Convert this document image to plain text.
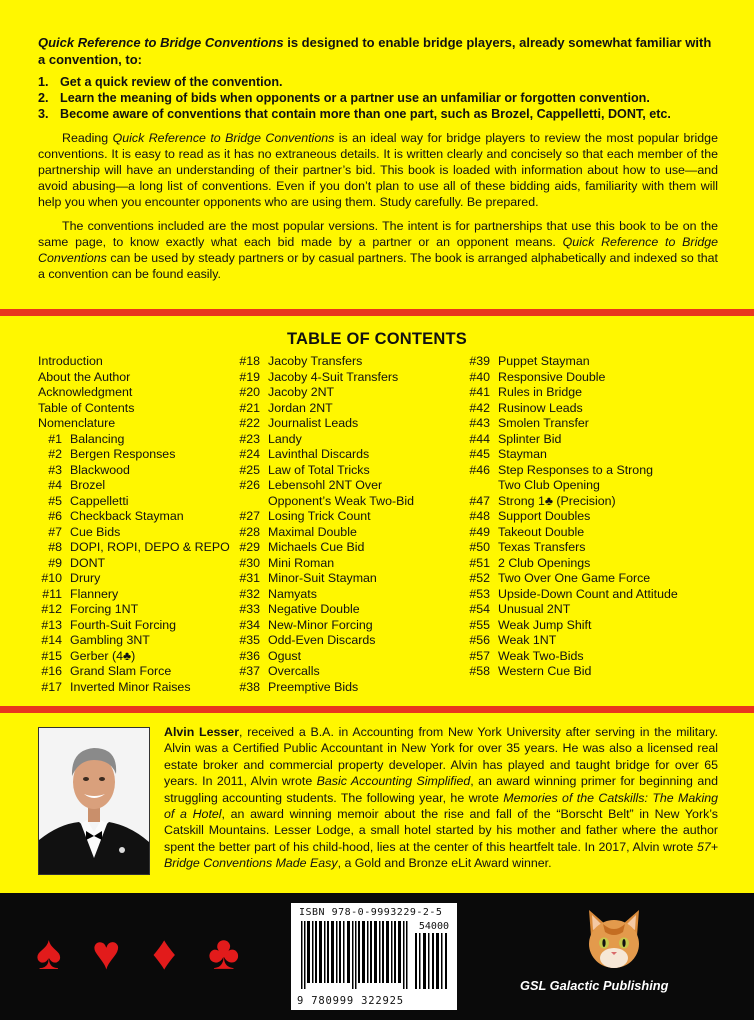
Quick Reference to Bridge Conventions is designed to enable bridge players, already somewhat familiar with a convention, to:

1. Get a quick review of the convention.
2. Learn the meaning of bids when opponents or a partner use an unfamiliar or forgotten convention.
3. Become aware of conventions that contain more than one part, such as Brozel, Cappelletti, DONT, etc.

Reading Quick Reference to Bridge Conventions is an ideal way for bridge players to review the most popular bridge conventions. It is easy to read as it has no extraneous details. It is written clearly and concisely so that each member of the partnership will have an understanding of their partner’s bid. This book is loaded with information about how to use—and avoid abusing—a long list of conventions. Even if you don’t plan to use all of these bidding aids, familiarity with them will help you when you encounter opponents who are using them. Study carefully. Be prepared.

The conventions included are the most popular versions. The intent is for partnerships that use this book to be on the same page, to know exactly what each bid made by a partner or an opponent means. Quick Reference to Bridge Conventions can be used by steady partners or by casual partners. The book is arranged alphabetically and indexed so that a convention can be found easily.

TABLE OF CONTENTS
Introduction
About the Author
Acknowledgment
Table of Contents
Nomenclature
#1 Balancing
#2 Bergen Responses
#3 Blackwood
#4 Brozel
#5 Cappelletti
#6 Checkback Stayman
#7 Cue Bids
#8 DOPI, ROPI, DEPO & REPO
#9 DONT
#10 Drury
#11 Flannery
#12 Forcing 1NT
#13 Fourth-Suit Forcing
#14 Gambling 3NT
#15 Gerber (4♣)
#16 Grand Slam Force
#17 Inverted Minor Raises
#18 Jacoby Transfers
#19 Jacoby 4-Suit Transfers
#20 Jacoby 2NT
#21 Jordan 2NT
#22 Journalist Leads
#23 Landy
#24 Lavinthal Discards
#25 Law of Total Tricks
#26 Lebensohl 2NT Over
Opponent’s Weak Two-Bid
#27 Losing Trick Count
#28 Maximal Double
#29 Michaels Cue Bid
#30 Mini Roman
#31 Minor-Suit Stayman
#32 Namyats
#33 Negative Double
#34 New-Minor Forcing
#35 Odd-Even Discards
#36 Ogust
#37 Overcalls
#38 Preemptive Bids
#39 Puppet Stayman
#40 Responsive Double
#41 Rules in Bridge
#42 Rusinow Leads
#43 Smolen Transfer
#44 Splinter Bid
#45 Stayman
#46 Step Responses to a Strong
Two Club Opening
#47 Strong 1♣ (Precision)
#48 Support Doubles
#49 Takeout Double
#50 Texas Transfers
#51 2 Club Openings
#52 Two Over One Game Force
#53 Upside-Down Count and Attitude
#54 Unusual 2NT
#55 Weak Jump Shift
#56 Weak 1NT
#57 Weak Two-Bids
#58 Western Cue Bid
Alvin Lesser, received a B.A. in Accounting from New York University after serving in the military. Alvin was a Certified Public Accountant in New York for over 35 years. He was also a licensed real estate broker and commercial property developer. Alvin has played and taught bridge for over 65 years. In 2011, Alvin wrote Basic Accounting Simplified, an award winning primer for beginning and struggling accounting students. The following year, he wrote Memories of the Catskills: The Making of a Hotel, an award winning memoir about the rise and fall of the “Borscht Belt” in New York’s Catskill Mountains. Lesser Lodge, a small hotel started by his mother and father where the author spent the better part of his child-hood, lies at the center of this heartfelt tale. In 2017, Alvin wrote 57+ Bridge Conventions Made Easy, a Gold and Bronze eLit Award winner.
♠ ♥ ♦ ♣
ISBN 978-0-9993229-2-5
54000
9 780999 322925
GSL Galactic Publishing
